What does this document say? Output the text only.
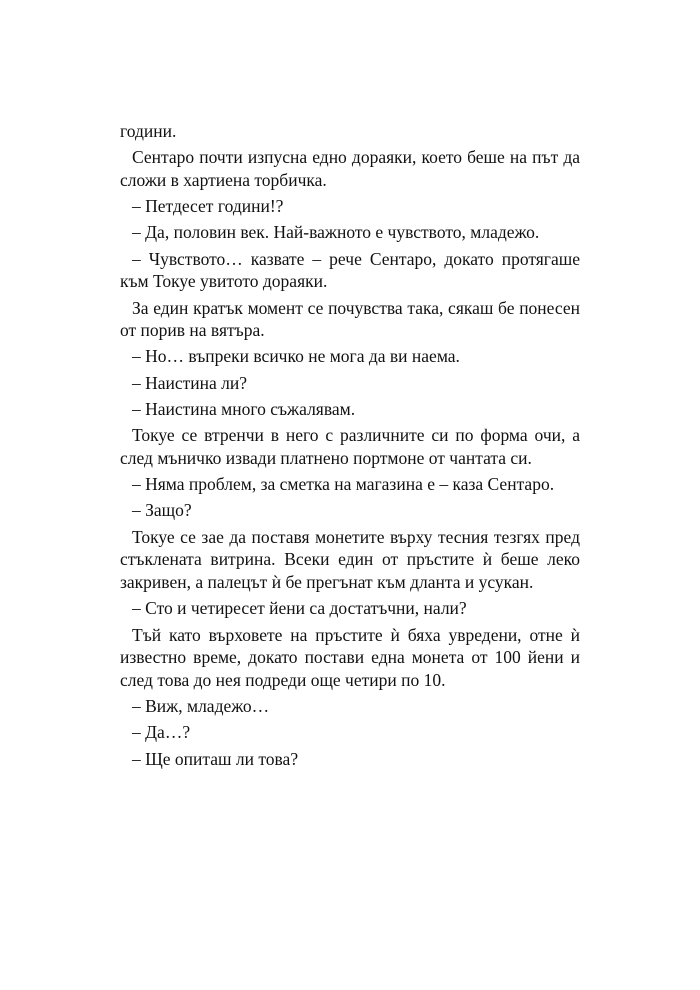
години.

Сентаро почти изпусна едно дораяки, което беше на път да сложи в хартиена торбичка.

– Петдесет години!?

– Да, половин век. Най-важното е чувството, младежо.

– Чувството… казвате – рече Сентаро, докато протягаше към Токуе увитото дораяки.

За един кратък момент се почувства така, сякаш бе понесен от порив на вятъра.

– Но… въпреки всичко не мога да ви наема.

– Наистина ли?

– Наистина много съжалявам.

Токуе се втренчи в него с различните си по форма очи, а след мъничко извади платнено портмоне от чантата си.

– Няма проблем, за сметка на магазина е – каза Сентаро.

– Защо?

Токуе се зае да поставя монетите върху тесния тезгях пред стъклената витрина. Всеки един от пръстите ѝ беше леко закривен, а палецът ѝ бе прегънат към дланта и усукан.

– Сто и четиресет йени са достатъчни, нали?

Тъй като върховете на пръстите ѝ бяха увредени, отне ѝ известно време, докато постави една монета от 100 йени и след това до нея подреди още четири по 10.

– Виж, младежо…

– Да…?

– Ще опиташ ли това?
